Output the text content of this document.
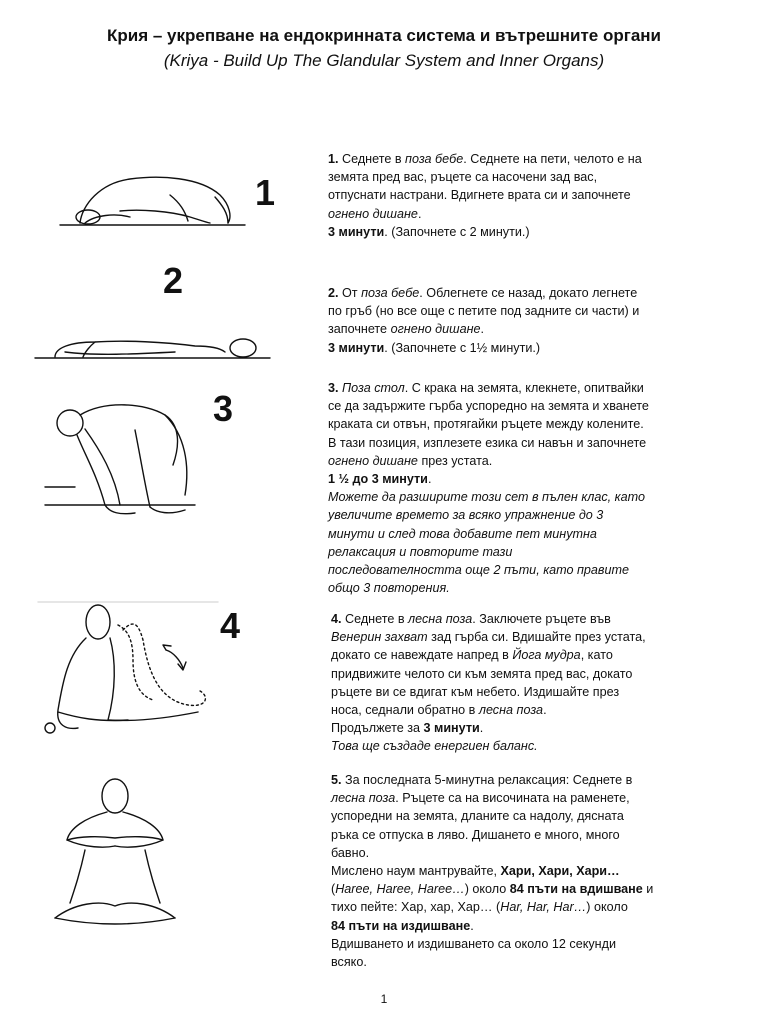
Крия – укрепване на ендокринната система и вътрешните органи
(Kriya - Build Up The Glandular System and Inner Organs)
1
2
3
4

1. Седнете в поза бебе. Седнете на пети, челото е на

земята пред вас, ръцете са насочени зад вас,

отпуснати настрани. Вдигнете врата си и започнете

огнено дишане.

3 минути. (Започнете с 2 минути.)

2. От поза бебе. Облегнете се назад, докато легнете

по гръб (но все още с петите под задните си части) и

започнете огнено дишане.

3 минути. (Започнете с 1½ минути.)

3. Поза стол. С крака на земята, клекнете, опитвайки

се да задържите гърба успоредно на земята и хванете

краката си отвън, протягайки ръцете между колените.

В тази позиция, изплезете езика си навън и започнете

огнено дишане през устата.

1 ½ до 3 минути.

Можете да разширите този сет в пълен клас, като

увеличите времето за всяко упражнение до 3

минути и след това добавите пет минутна

релаксация и повторите тази

последователността още 2 пъти, като правите

общо 3 повторения.

4. Седнете в лесна поза. Заключете ръцете във

Венерин захват зад гърба си. Вдишайте през устата,

докато се навеждате напред в Йога мудра, като

придвижите челото си към земята пред вас, докато

ръцете ви се вдигат към небето. Издишайте през

носа, седнали обратно в лесна поза.

Продължете за 3 минути.

Това ще създаде енергиен баланс.

5. За последната 5-минутна релаксация: Седнете в

лесна поза. Ръцете са на височината на раменете,

успоредни на земята, дланите са надолу, дясната

ръка се отпуска в ляво. Дишането е много, много

бавно.

Мислено наум мантрувайте, Хари, Хари, Хари…

(Haree, Haree, Haree…) около 84 пъти на вдишване и

тихо пейте: Хар, хар, Хар… (Har, Har, Har…) около

84 пъти на издишване.

Вдишването и издишването са около 12 секунди

всяко.

1
